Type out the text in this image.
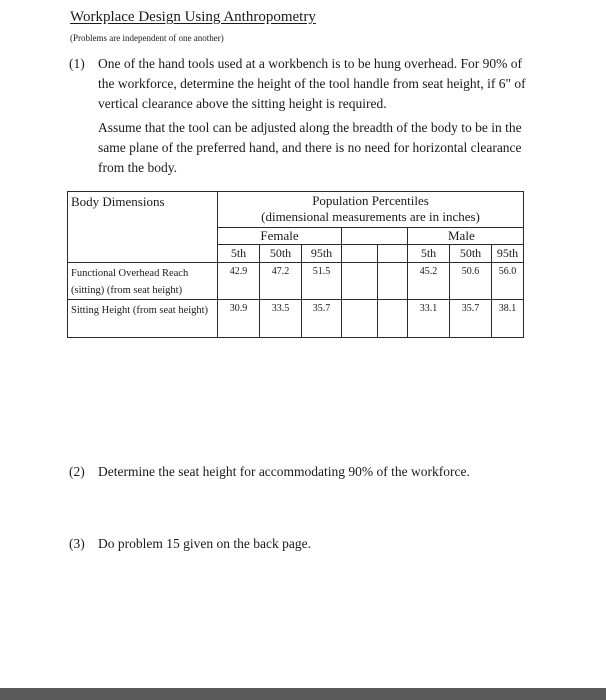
Workplace Design Using Anthropometry
(Problems are independent of one another)
(1) One of the hand tools used at a workbench is to be hung overhead. For 90% of the workforce, determine the height of the tool handle from seat height, if 6" of vertical clearance above the sitting height is required.
Assume that the tool can be adjusted along the breadth of the body to be in the same plane of the preferred hand, and there is no need for horizontal clearance from the body.
Body Dimensions	Population Percentiles
(dimensional measurements are in inches)							

	Female					Male		
	5th	50th	95th			5th	50th	95th
Functional Overhead Reach (sitting) (from seat height)	42.9	47.2	51.5			45.2	50.6	56.0
Sitting Height (from seat height)	30.9	33.5	35.7			33.1	35.7	38.1
(2) Determine the seat height for accommodating 90% of the workforce.
(3) Do problem 15 given on the back page.
